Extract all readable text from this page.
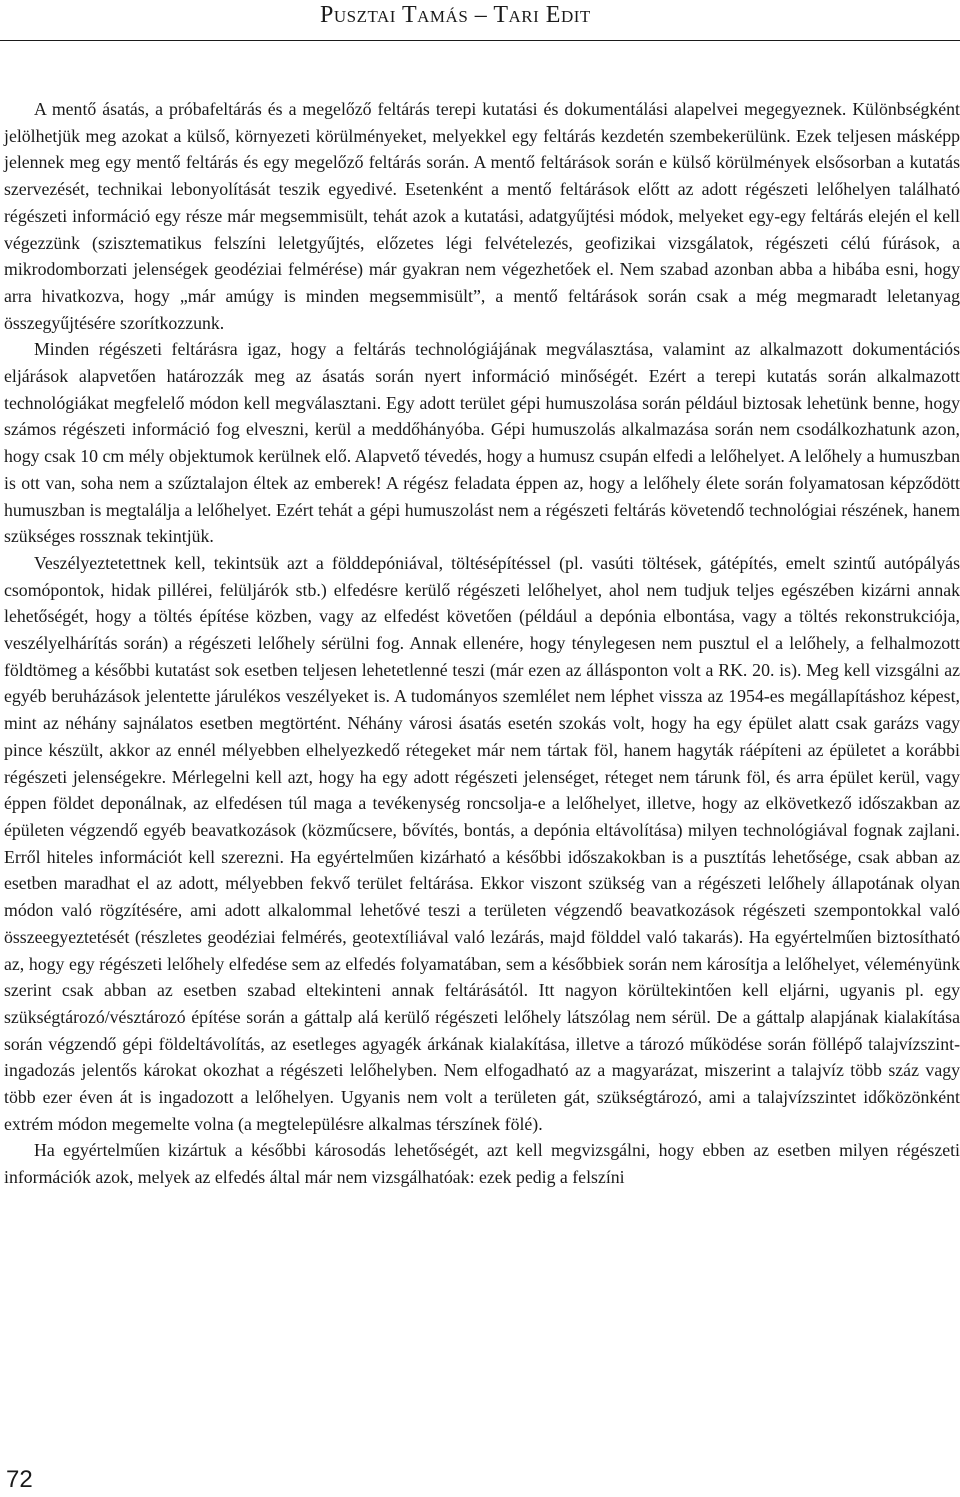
Pusztai Tamás – Tari Edit

A mentő ásatás, a próbafeltárás és a megelőző feltárás terepi kutatási és dokumentálási alapelvei megegyeznek. Különbségként jelölhetjük meg azokat a külső, környezeti körülményeket, melyekkel egy feltárás kezdetén szembekerülünk. Ezek teljesen másképp jelennek meg egy mentő feltárás és egy megelőző feltárás során. A mentő feltárások során e külső körülmények elsősorban a kutatás szervezését, technikai lebonyolítását teszik egyedivé. Esetenként a mentő feltárások előtt az adott régészeti lelőhelyen található régészeti információ egy része már megsemmisült, tehát azok a kutatási, adatgyűjtési módok, melyeket egy-egy feltárás elején el kell végezzünk (szisztematikus felszíni leletgyűjtés, előzetes légi felvételezés, geofizikai vizsgálatok, régészeti célú fúrások, a mikrodomborzati jelenségek geodéziai felmérése) már gyakran nem végezhetőek el. Nem szabad azonban abba a hibába esni, hogy arra hivatkozva, hogy „már amúgy is minden megsemmisült”, a mentő feltárások során csak a még megmaradt leletanyag összegyűjtésére szorítkozzunk.

Minden régészeti feltárásra igaz, hogy a feltárás technológiájának megválasztása, valamint az alkalmazott dokumentációs eljárások alapvetően határozzák meg az ásatás során nyert információ minőségét. Ezért a terepi kutatás során alkalmazott technológiákat megfelelő módon kell megválasztani. Egy adott terület gépi humuszolása során például biztosak lehetünk benne, hogy számos régészeti információ fog elveszni, kerül a meddőhányóba. Gépi humuszolás alkalmazása során nem csodálkozhatunk azon, hogy csak 10 cm mély objektumok kerülnek elő. Alapvető tévedés, hogy a humusz csupán elfedi a lelőhelyet. A lelőhely a humuszban is ott van, soha nem a szűztalajon éltek az emberek! A régész feladata éppen az, hogy a lelőhely élete során folyamatosan képződött humuszban is megtalálja a lelőhelyet. Ezért tehát a gépi humuszolást nem a régészeti feltárás követendő technológiai részének, hanem szükséges rossznak tekintjük.

Veszélyeztetettnek kell, tekintsük azt a földdepóniával, töltésépítéssel (pl. vasúti töltések, gátépítés, emelt szintű autópályás csomópontok, hidak pillérei, felüljárók stb.) elfedésre kerülő régészeti lelőhelyet, ahol nem tudjuk teljes egészében kizárni annak lehetőségét, hogy a töltés építése közben, vagy az elfedést követően (például a depónia elbontása, vagy a töltés rekonstrukciója, veszélyelhárítás során) a régészeti lelőhely sérülni fog. Annak ellenére, hogy ténylegesen nem pusztul el a lelőhely, a felhalmozott földtömeg a későbbi kutatást sok esetben teljesen lehetetlenné teszi (már ezen az állásponton volt a RK. 20. is). Meg kell vizsgálni az egyéb beruházások jelentette járulékos veszélyeket is. A tudományos szemlélet nem léphet vissza az 1954-es megállapításhoz képest, mint az néhány sajnálatos esetben megtörtént. Néhány városi ásatás esetén szokás volt, hogy ha egy épület alatt csak garázs vagy pince készült, akkor az ennél mélyebben elhelyezkedő rétegeket már nem tártak föl, hanem hagyták ráépíteni az épületet a korábbi régészeti jelenségekre. Mérlegelni kell azt, hogy ha egy adott régészeti jelenséget, réteget nem tárunk föl, és arra épület kerül, vagy éppen földet deponálnak, az elfedésen túl maga a tevékenység roncsolja-e a lelőhelyet, illetve, hogy az elkövetkező időszakban az épületen végzendő egyéb beavatkozások (közműcsere, bővítés, bontás, a depónia eltávolítása) milyen technológiával fognak zajlani. Erről hiteles információt kell szerezni. Ha egyértelműen kizárható a későbbi időszakokban is a pusztítás lehetősége, csak abban az esetben maradhat el az adott, mélyebben fekvő terület feltárása. Ekkor viszont szükség van a régészeti lelőhely állapotának olyan módon való rögzítésére, ami adott alkalommal lehetővé teszi a területen végzendő beavatkozások régészeti szempontokkal való összeegyeztetését (részletes geodéziai felmérés, geotextíliával való lezárás, majd földdel való takarás). Ha egyértelműen biztosítható az, hogy egy régészeti lelőhely elfedése sem az elfedés folyamatában, sem a későbbiek során nem károsítja a lelőhelyet, véleményünk szerint csak abban az esetben szabad eltekinteni annak feltárásától. Itt nagyon körültekintően kell eljárni, ugyanis pl. egy szükségtározó/vésztározó építése során a gáttalp alá kerülő régészeti lelőhely látszólag nem sérül. De a gáttalp alapjának kialakítása során végzendő gépi földeltávolítás, az esetleges agyagék árkának kialakítása, illetve a tározó működése során föllépő talajvízszint-ingadozás jelentős károkat okozhat a régészeti lelőhelyben. Nem elfogadható az a magyarázat, miszerint a talajvíz több száz vagy több ezer éven át is ingadozott a lelőhelyen. Ugyanis nem volt a területen gát, szükségtározó, ami a talajvízszintet időközönként extrém módon megemelte volna (a megtelepülésre alkalmas térszínek fölé).

Ha egyértelműen kizártuk a későbbi károsodás lehetőségét, azt kell megvizsgálni, hogy ebben az esetben milyen régészeti információk azok, melyek az elfedés által már nem vizsgálhatóak: ezek pedig a felszíni

72
